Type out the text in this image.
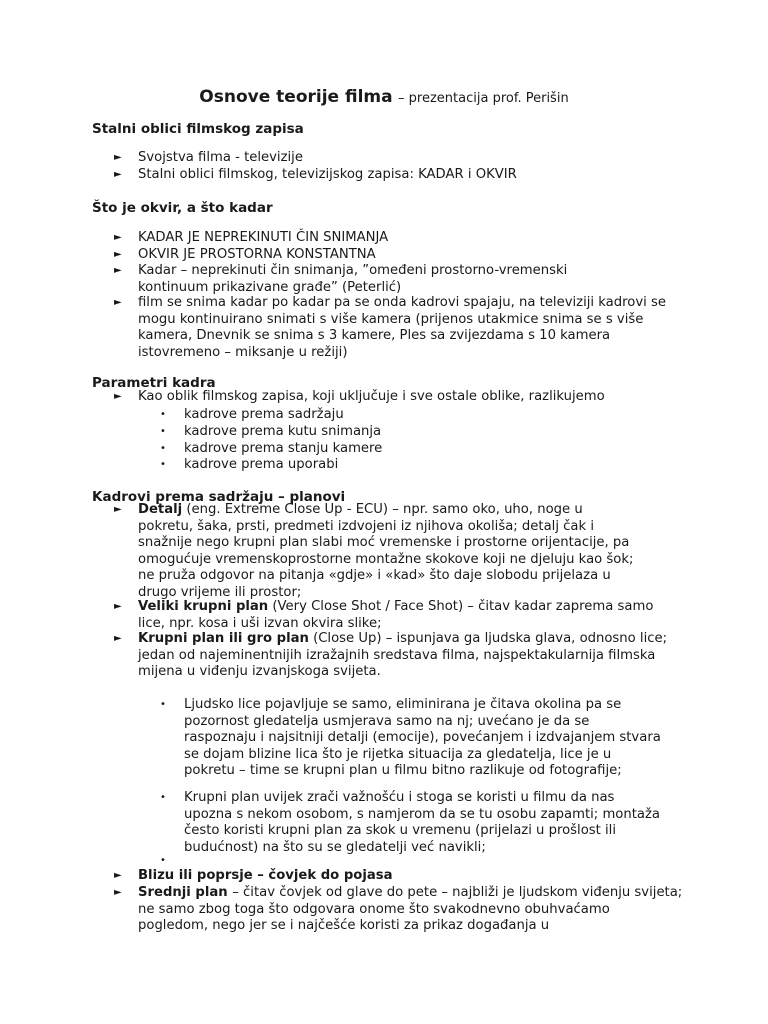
Osnove teorije filma – prezentacija prof. Perišin
Stalni oblici filmskog zapisa
► Svojstva filma - televizije
► Stalni oblici filmskog, televizijskog zapisa: KADAR i OKVIR
Što je okvir, a što kadar
► KADAR JE NEPREKINUTI ČIN SNIMANJA
► OKVIR JE PROSTORNA KONSTANTNA
► Kadar – neprekinuti čin snimanja, ”omeđeni prostorno-vremenski kontinuum prikazivane građe” (Peterlić)
► film se snima kadar po kadar pa se onda kadrovi spajaju, na televiziji kadrovi se mogu kontinuirano snimati s više kamera (prijenos utakmice snima se s više kamera, Dnevnik se snima s 3 kamere, Ples sa zvijezdama s 10 kamera istovremeno – miksanje u režiji)
Parametri kadra
► Kao oblik filmskog zapisa, koji uključuje i sve ostale oblike, razlikujemo
• kadrove prema sadržaju
• kadrove prema kutu snimanja
• kadrove prema stanju kamere
• kadrove prema uporabi
Kadrovi prema sadržaju – planovi
► Detalj (eng. Extreme Close Up - ECU) – npr. samo oko, uho, noge u pokretu, šaka, prsti, predmeti izdvojeni iz njihova okoliša; detalj čak i snažnije nego krupni plan slabi moć vremenske i prostorne orijentacije, pa omogućuje vremenskoprostorne montažne skokove koji ne djeluju kao šok; ne pruža odgovor na pitanja «gdje» i «kad» što daje slobodu prijelaza u drugo vrijeme ili prostor;
► Veliki krupni plan (Very Close Shot / Face Shot) – čitav kadar zaprema samo lice, npr. kosa i uši izvan okvira slike;
► Krupni plan ili gro plan (Close Up) – ispunjava ga ljudska glava, odnosno lice; jedan od najeminentnijih izražajnih sredstava filma, najspektakularnija filmska mijena u viđenju izvanjskoga svijeta.
• Ljudsko lice pojavljuje se samo, eliminirana je čitava okolina pa se pozornost gledatelja usmjerava samo na nj; uvećano je da se raspoznaju i najsitniji detalji (emocije), povećanjem i izdvajanjem stvara se dojam blizine lica što je rijetka situacija za gledatelja, lice je u pokretu – time se krupni plan u filmu bitno razlikuje od fotografije;
• Krupni plan uvijek zrači važnošću i stoga se koristi u filmu da nas upozna s nekom osobom, s namjerom da se tu osobu zapamti; montaža često koristi krupni plan za skok u vremenu (prijelazi u prošlost ili budućnost) na što su se gledatelji već navikli;
•
► Blizu ili poprsje – čovjek do pojasa
► Srednji plan – čitav čovjek od glave do pete – najbliži je ljudskom viđenju svijeta; ne samo zbog toga što odgovara onome što svakodnevno obuhvaćamo pogledom, nego jer se i najčešće koristi za prikaz događanja u
